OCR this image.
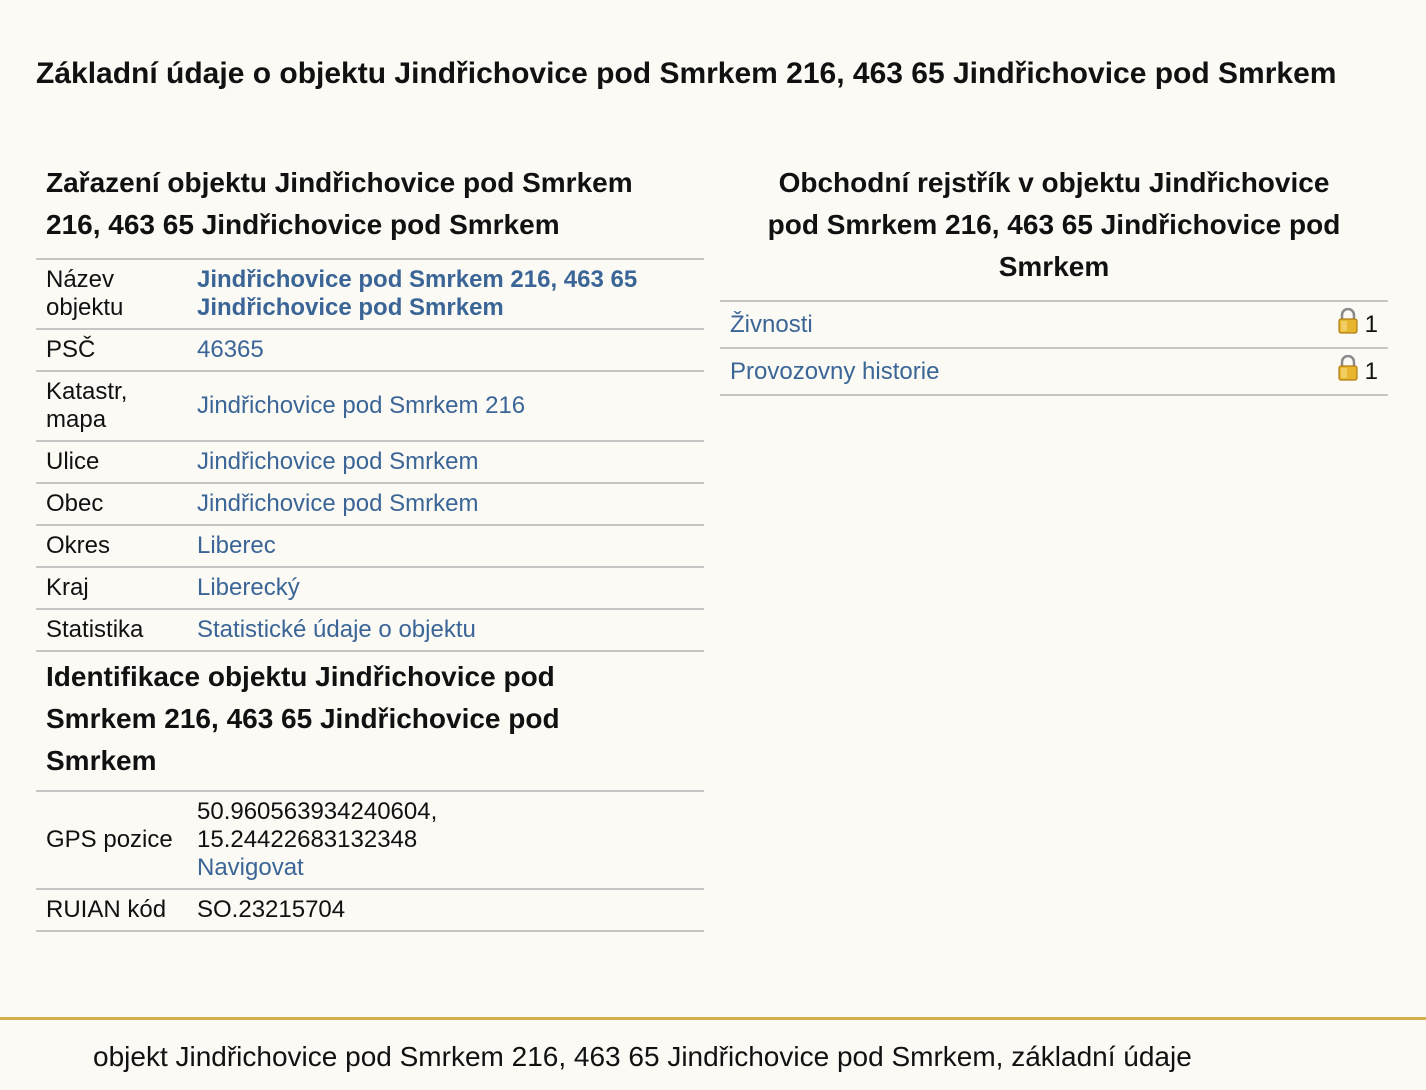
Základní údaje o objektu Jindřichovice pod Smrkem 216, 463 65 Jindřichovice pod Smrkem
Zařazení objektu Jindřichovice pod Smrkem 216, 463 65 Jindřichovice pod Smrkem
Název objektu	Jindřichovice pod Smrkem 216, 463 65 Jindřichovice pod Smrkem
PSČ	46365
Katastr, mapa	Jindřichovice pod Smrkem 216
Ulice	Jindřichovice pod Smrkem
Obec	Jindřichovice pod Smrkem
Okres	Liberec
Kraj	Liberecký
Statistika	Statistické údaje o objektu
Identifikace objektu Jindřichovice pod Smrkem 216, 463 65 Jindřichovice pod Smrkem
GPS pozice	50.960563934240604,
15.24422683132348
Navigovat
RUIAN kód	SO.23215704
Obchodní rejstřík v objektu Jindřichovice pod Smrkem 216, 463 65 Jindřichovice pod Smrkem
Živnosti	1
Provozovny historie	1
objekt Jindřichovice pod Smrkem 216, 463 65 Jindřichovice pod Smrkem, základní údaje
